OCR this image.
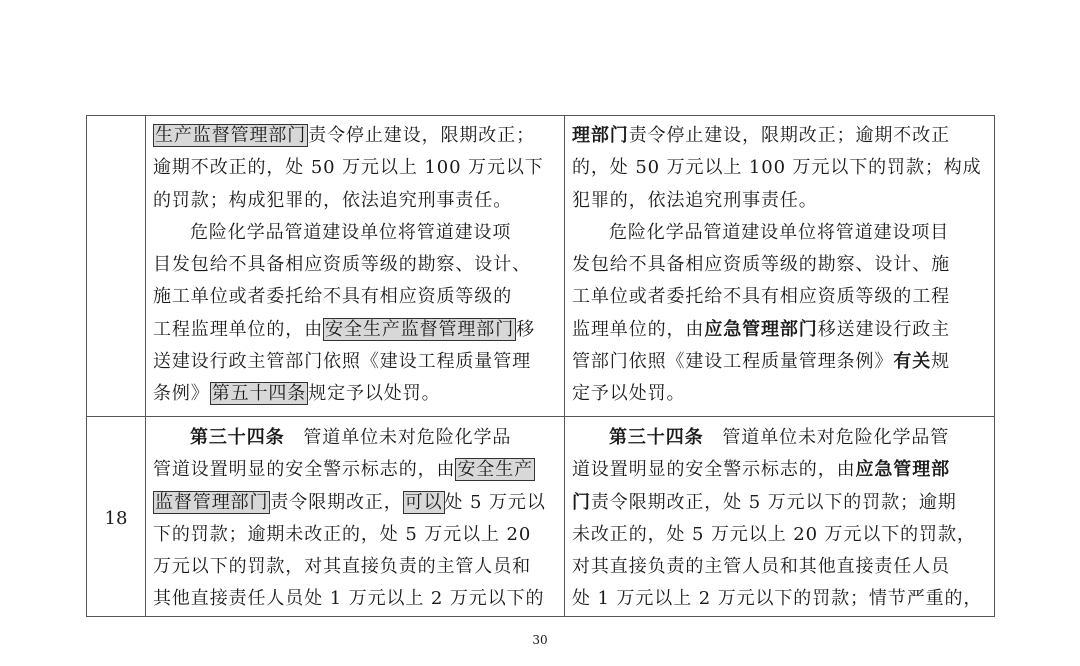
生产监督管理部门 责令停止建设，限期改正；
逾期不改正的，处 50 万元以上 100 万元以下
的罚款；构成犯罪的，依法追究刑事责任。
危险化学品管道建设单位将管道建设项
目发包给不具备相应资质等级的勘察、设计、
施工单位或者委托给不具有相应资质等级的
工程监理单位的，由 安全生产监督管理部门 移
送建设行政主管部门依照《建设工程质量管理
条例》 第五十四条 规定予以处罚。
理部门责令停止建设，限期改正；逾期不改正
的，处 50 万元以上 100 万元以下的罚款；构成
犯罪的，依法追究刑事责任。
危险化学品管道建设单位将管道建设项目
发包给不具备相应资质等级的勘察、设计、施
工单位或者委托给不具有相应资质等级的工程
监理单位的，由应急管理部门移送建设行政主
管部门依照《建设工程质量管理条例》有关规
定予以处罚。
18
第三十四条　 管道单位未对危险化学品
管道设置明显的安全警示标志的，由 安全生产
监督管理部门 责令限期改正， 可以 处 5 万元以
下的罚款；逾期未改正的，处 5 万元以上 20
万元以下的罚款，对其直接负责的主管人员和
其他直接责任人员处 1 万元以上 2 万元以下的
第三十四条　 管道单位未对危险化学品管
道设置明显的安全警示标志的，由应急管理部
门责令限期改正，处 5 万元以下的罚款；逾期
未改正的，处 5 万元以上 20 万元以下的罚款，
对其直接负责的主管人员和其他直接责任人员
处 1 万元以上 2 万元以下的罚款；情节严重的，
30
